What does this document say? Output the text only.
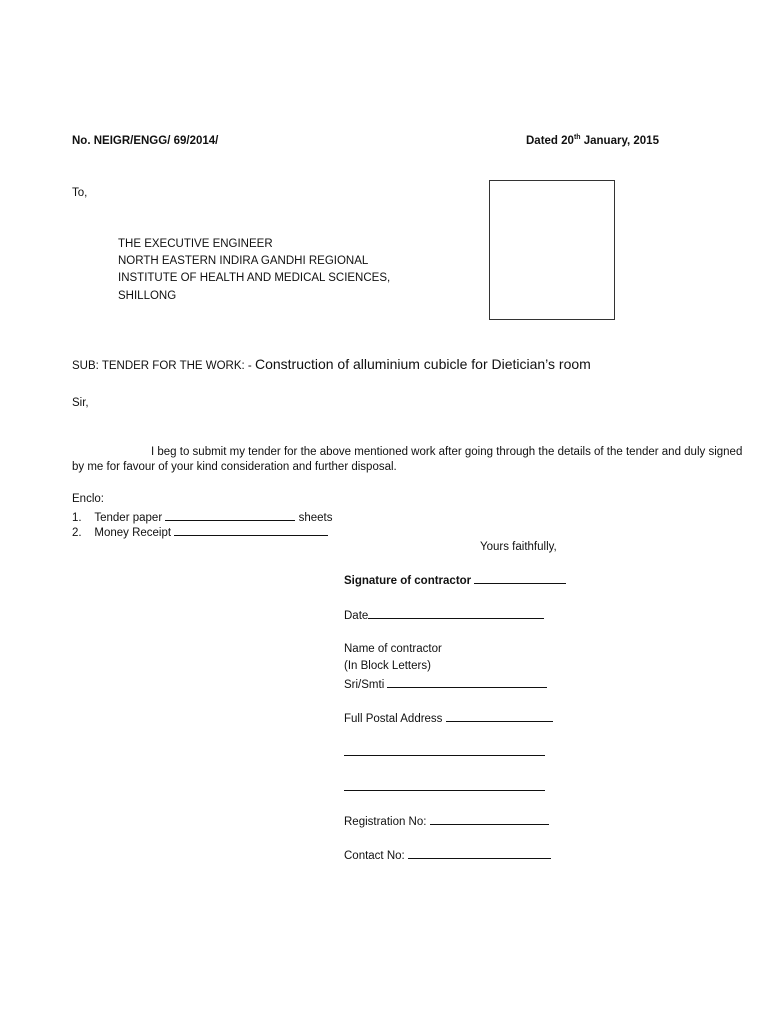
No. NEIGR/ENGG/ 69/2014/	Dated 20th January, 2015
To,
THE EXECUTIVE ENGINEER
NORTH EASTERN INDIRA GANDHI REGIONAL
INSTITUTE OF HEALTH AND MEDICAL SCIENCES,
SHILLONG
SUB: TENDER FOR THE WORK: - Construction of alluminium cubicle for Dietician’s room
Sir,
I beg to submit my tender for the above mentioned work after going through the details of the tender and duly signed
by me for favour of your kind consideration and further disposal.
Enclo:
1. Tender paper	sheets
2. Money Receipt
Yours faithfully,
Signature of contractor
Date
Name of contractor
(In Block Letters)
Sri/Smti
Full Postal Address
Registration No:
Contact No:
